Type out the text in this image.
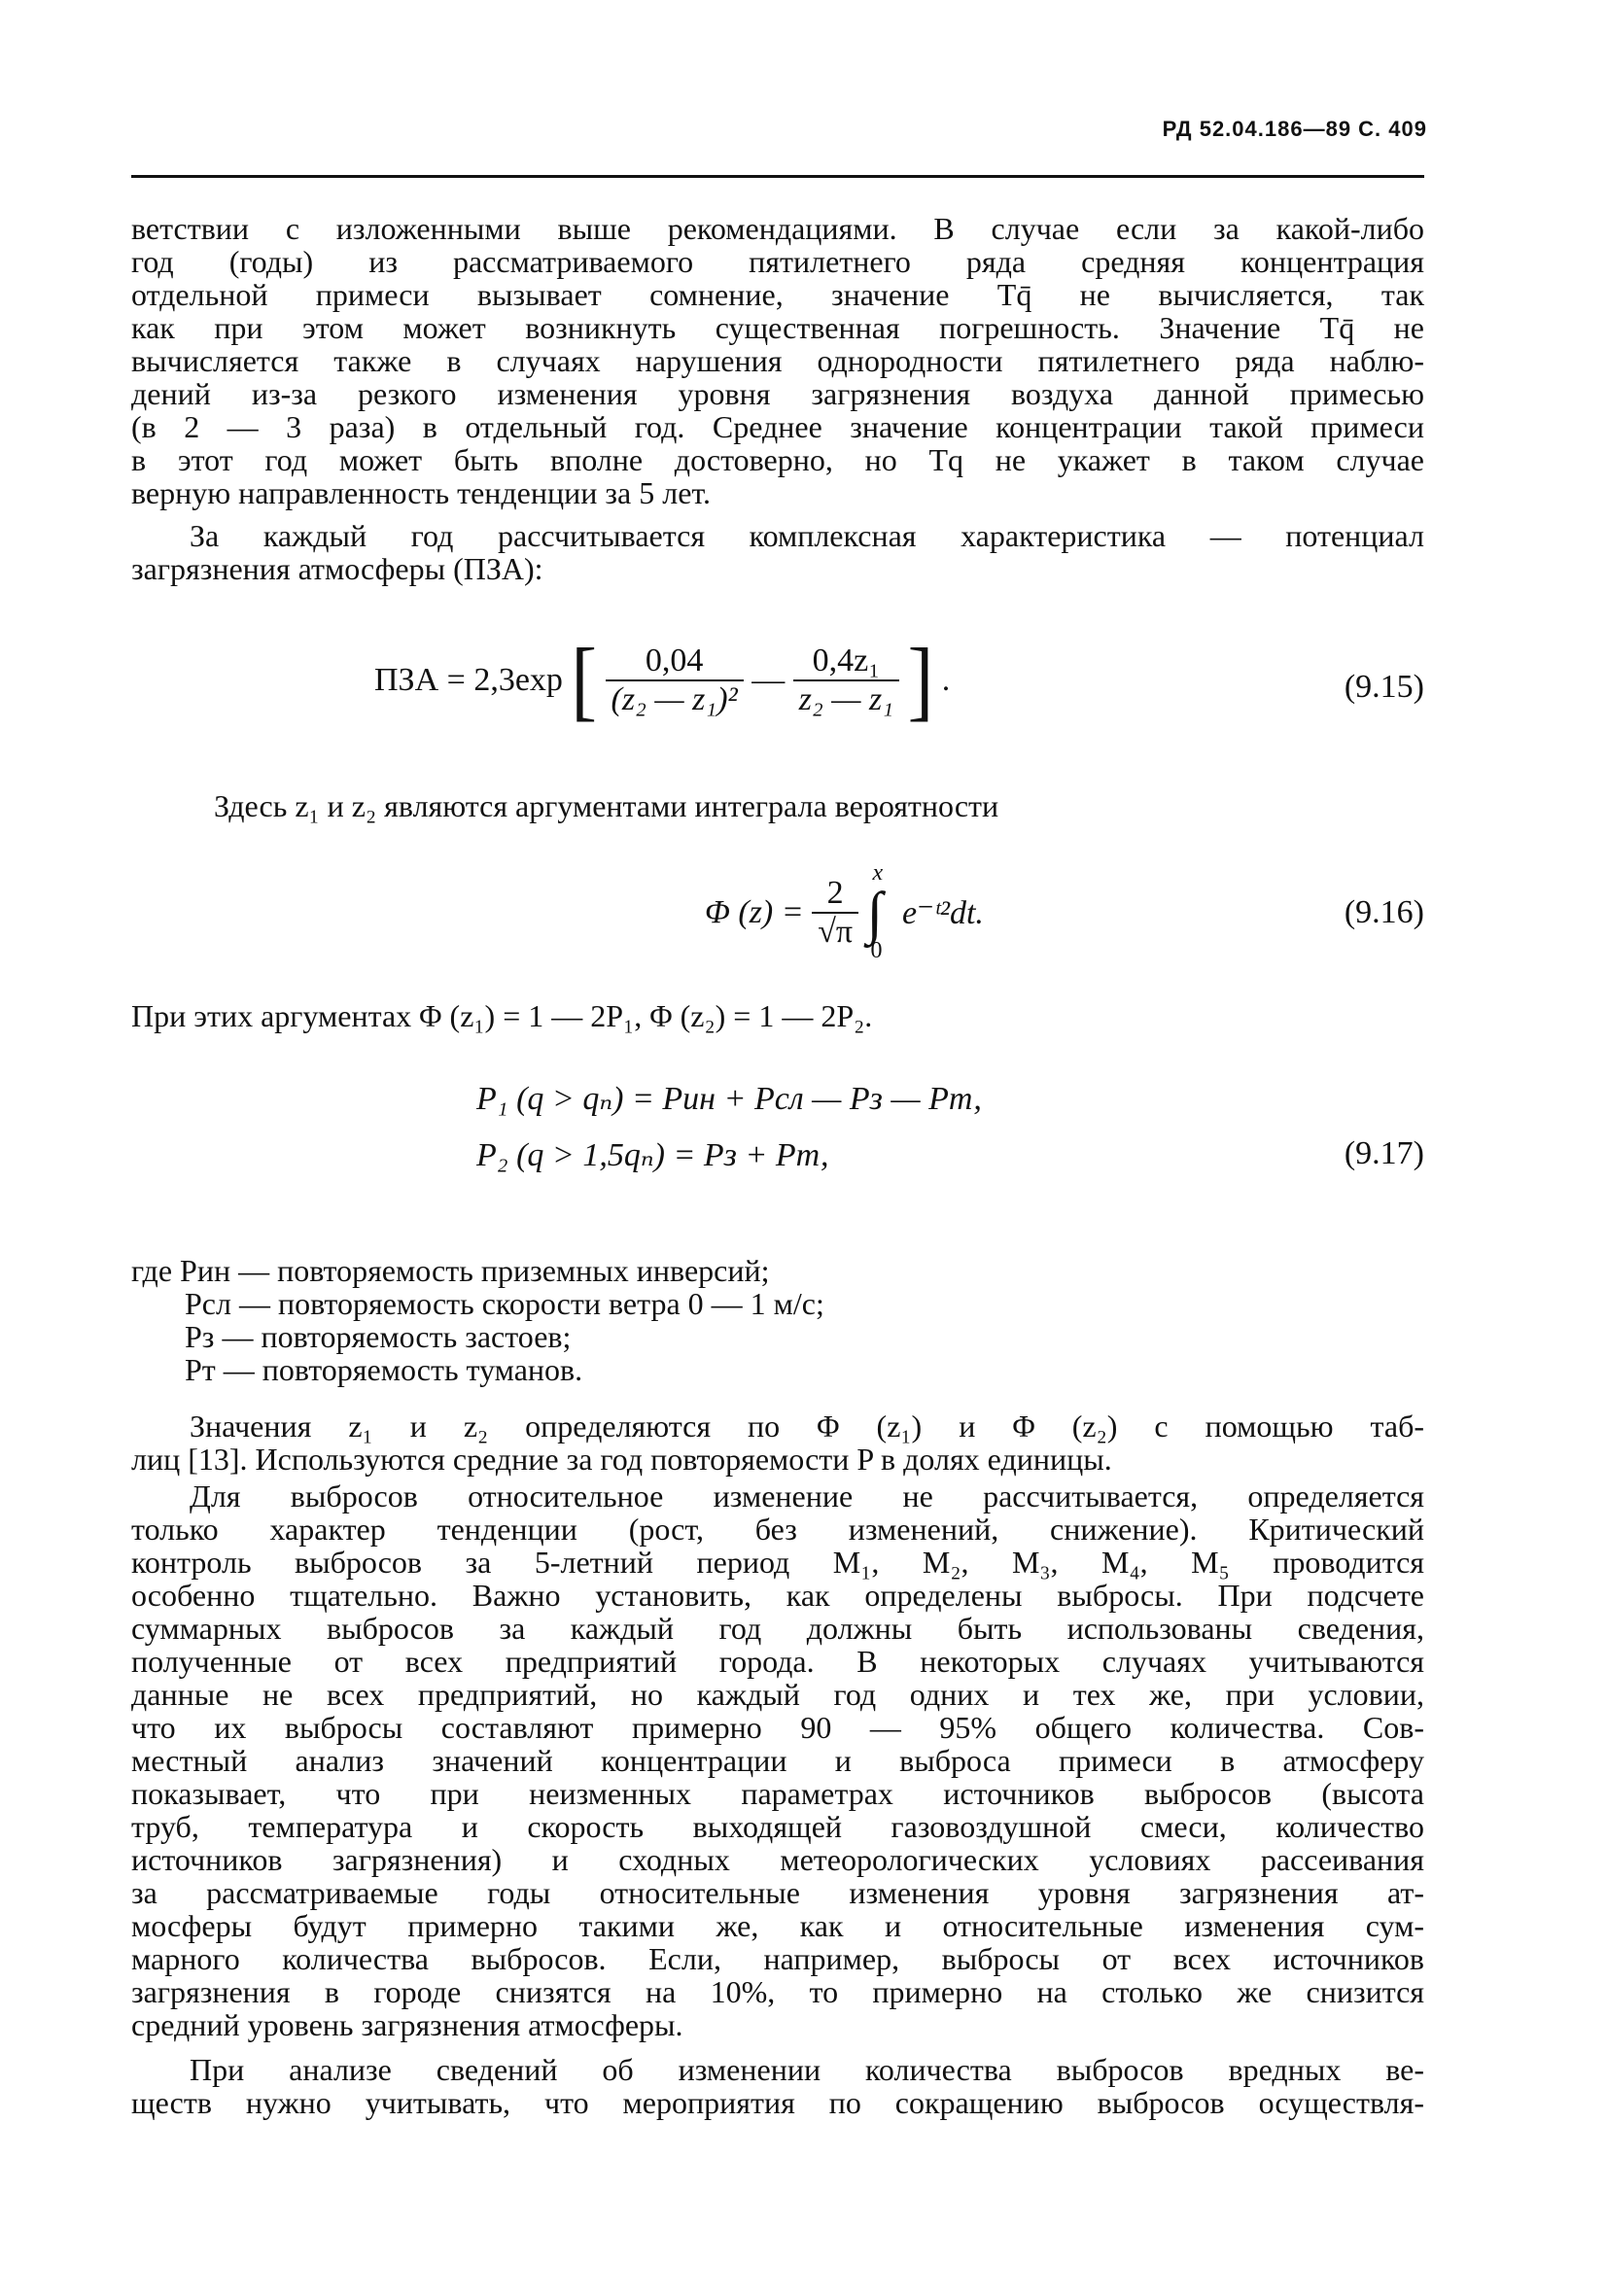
РД 52.04.186—89 С. 409
ветствии с изложенными выше рекомендациями. В случае если за какой-либо
год (годы) из рассматриваемого пятилетнего ряда средняя концентрация
отдельной примеси вызывает сомнение, значение Tq̄ не вычисляется, так
как при этом может возникнуть существенная погрешность. Значение Tq̄ не
вычисляется также в случаях нарушения однородности пятилетнего ряда наблю-
дений из-за резкого изменения уровня загрязнения воздуха данной примесью
(в 2 — 3 раза) в отдельный год. Среднее значение концентрации такой примеси
в этот год может быть вполне достоверно, но Tq не укажет в таком случае
верную направленность тенденции за 5 лет.
За каждый год рассчитывается комплексная характеристика — потенциал
загрязнения атмосферы (ПЗА):
ПЗА = 2,3exp [ $\frac{0,04}{\text{(z₂ — z₁)²}}$ — $\frac{\text{0,4z₁}}{\text{z₂ — z₁}}$ ] .	(9.15)
Здесь z₁ и z₂ являются аргументами интеграла вероятности
Φ $(z) = \frac{2}{√\pi}$ ∫
x
0
e⁻ᵗ²dt.	(9.16)
При этих аргументах Φ (z₁) = 1 — 2P₁, Φ (z₂) = 1 — 2P₂.
P₁ (q > qₙ) = Pин + Pсл — Pз — Pт,
P₂ (q > 1,5qₙ) = Pз + Pт,	(9.17)
где Pин — повторяемость приземных инверсий;
Pсл — повторяемость скорости ветра 0 — 1 м/с;
Pз — повторяемость застоев;
Pт — повторяемость туманов.
Значения z₁ и z₂ определяются по Φ (z₁) и Φ (z₂) с помощью таб-
лиц [13]. Используются средние за год повторяемости P в долях единицы.
Для выбросов относительное изменение не рассчитывается, определяется
только характер тенденции (рост, без изменений, снижение). Критический
контроль выбросов за 5-летний период M₁, M₂, M₃, M₄, M₅ проводится
особенно тщательно. Важно установить, как определены выбросы. При подсчете
суммарных выбросов за каждый год должны быть использованы сведения,
полученные от всех предприятий города. В некоторых случаях учитываются
данные не всех предприятий, но каждый год одних и тех же, при условии,
что их выбросы составляют примерно 90 — 95% общего количества. Сов-
местный анализ значений концентрации и выброса примеси в атмосферу
показывает, что при неизменных параметрах источников выбросов (высота
труб, температура и скорость выходящей газовоздушной смеси, количество
источников загрязнения) и сходных метеорологических условиях рассеивания
за рассматриваемые годы относительные изменения уровня загрязнения ат-
мосферы будут примерно такими же, как и относительные изменения сум-
марного количества выбросов. Если, например, выбросы от всех источников
загрязнения в городе снизятся на 10%, то примерно на столько же снизится
средний уровень загрязнения атмосферы.
При анализе сведений об изменении количества выбросов вредных ве-
ществ нужно учитывать, что мероприятия по сокращению выбросов осуществля-
